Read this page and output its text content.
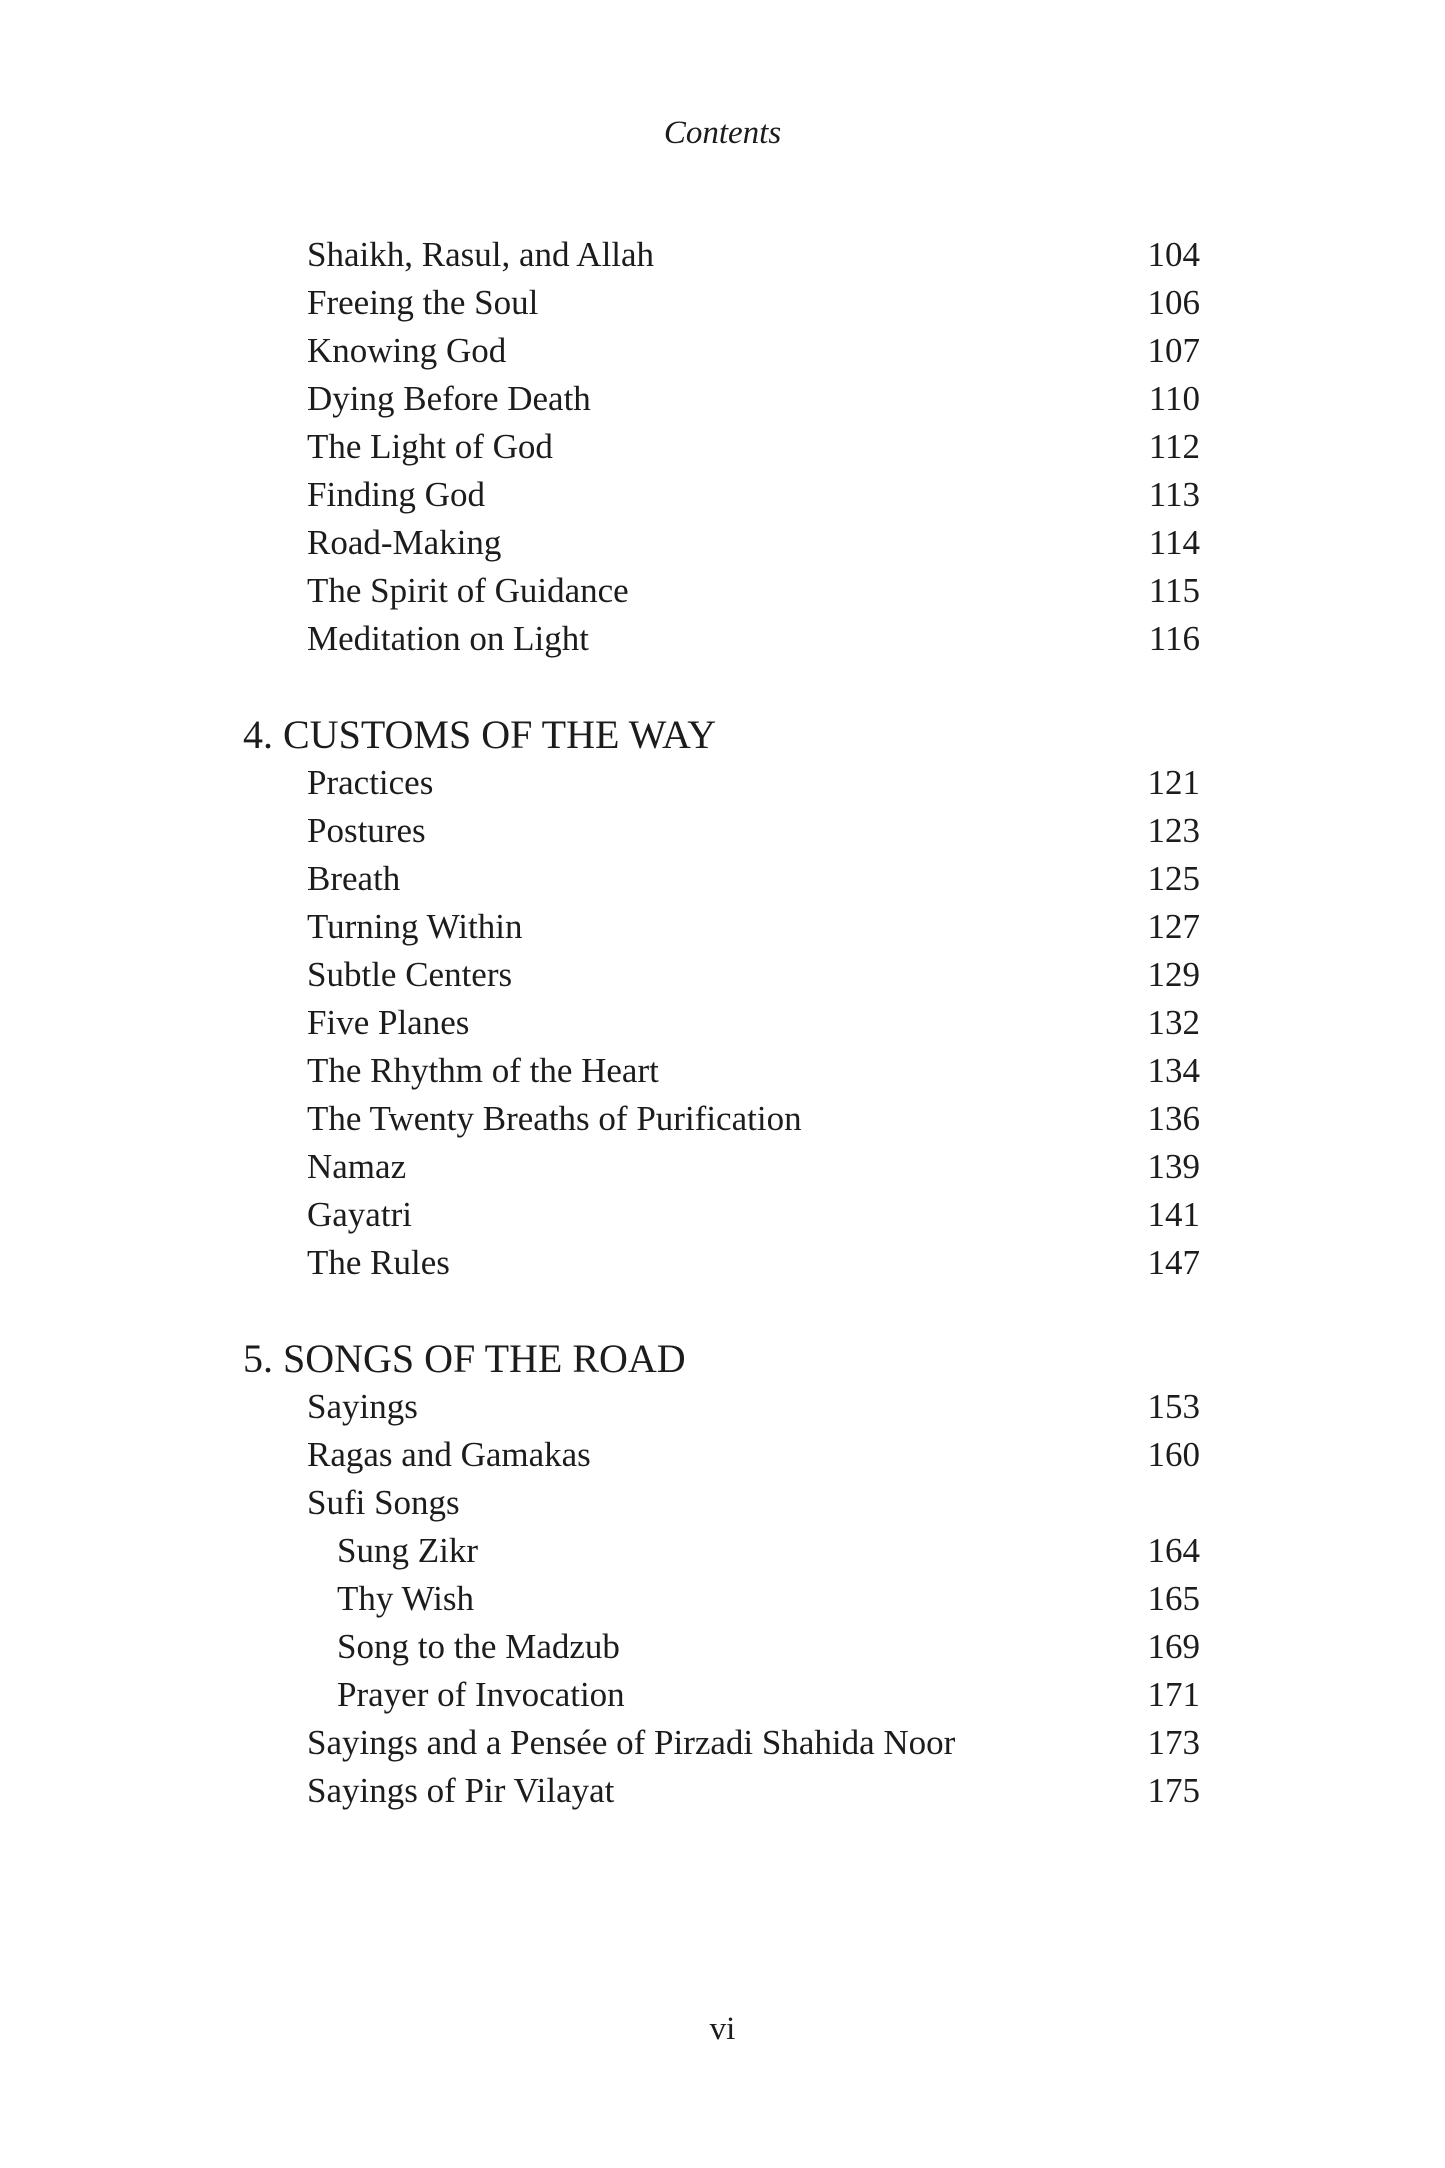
Contents
Shaikh, Rasul, and Allah	104
Freeing the Soul	106
Knowing God	107
Dying Before Death	110
The Light of God	112
Finding God	113
Road-Making	114
The Spirit of Guidance	115
Meditation on Light	116
4. CUSTOMS OF THE WAY
Practices	121
Postures	123
Breath	125
Turning Within	127
Subtle Centers	129
Five Planes	132
The Rhythm of the Heart	134
The Twenty Breaths of Purification	136
Namaz	139
Gayatri	141
The Rules	147
5. SONGS OF THE ROAD
Sayings	153
Ragas and Gamakas	160
Sufi Songs
Sung Zikr	164
Thy Wish	165
Song to the Madzub	169
Prayer of Invocation	171
Sayings and a Pensée of Pirzadi Shahida Noor	173
Sayings of Pir Vilayat	175
vi
